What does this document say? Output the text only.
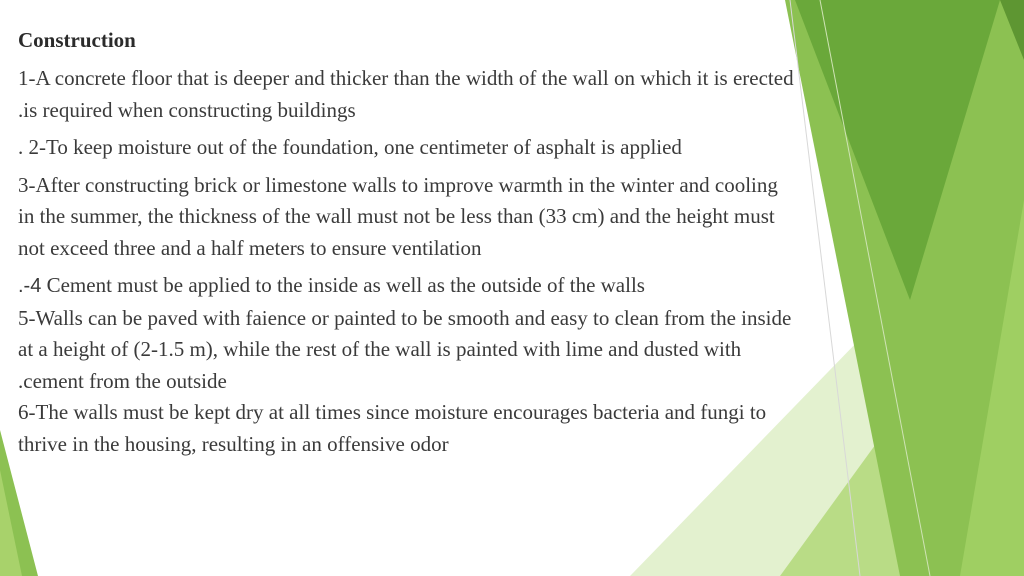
Construction

1-A concrete floor that is deeper and thicker than the width of the wall on which it is erected

.is required when constructing buildings

. 2-To keep moisture out of the foundation, one centimeter of asphalt is applied

3-After constructing brick or limestone walls to improve warmth in the winter and cooling

in the summer, the thickness of the wall must not be less than (33 cm) and the height must

not exceed three and a half meters to ensure ventilation

.-4 Cement must be applied to the inside as well as the outside of the walls

5-Walls can be paved with faience or painted to be smooth and easy to clean from the inside

at a height of (2-1.5 m), while the rest of the wall is painted with lime and dusted with

.cement from the outside

6-The walls must be kept dry at all times since moisture encourages bacteria and fungi to

thrive in the housing, resulting in an offensive odor
